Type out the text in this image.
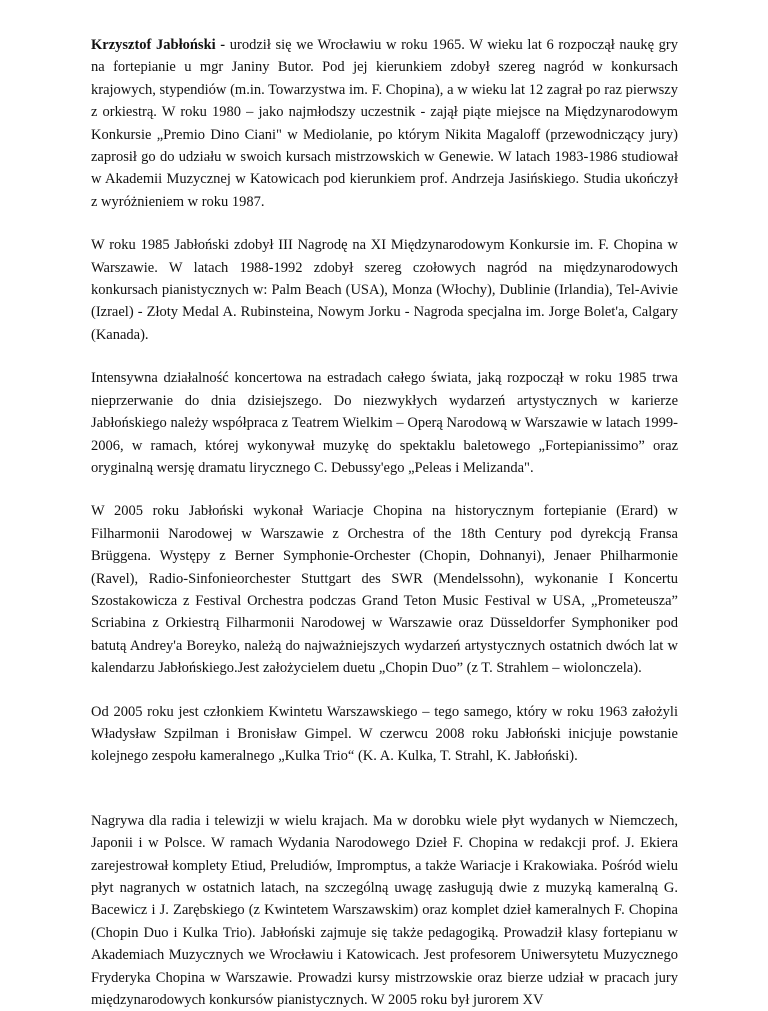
Krzysztof Jabłoński - urodził się we Wrocławiu w roku 1965. W wieku lat 6 rozpoczął naukę gry na fortepianie u mgr Janiny Butor. Pod jej kierunkiem zdobył szereg nagród w konkursach krajowych, stypendiów (m.in. Towarzystwa im. F. Chopina), a w wieku lat 12 zagrał po raz pierwszy z orkiestrą. W roku 1980 – jako najmłodszy uczestnik - zajął piąte miejsce na Międzynarodowym Konkursie „Premio Dino Ciani" w Mediolanie, po którym Nikita Magaloff (przewodniczący jury) zaprosił go do udziału w swoich kursach mistrzowskich w Genewie. W latach 1983-1986 studiował w Akademii Muzycznej w Katowicach pod kierunkiem prof. Andrzeja Jasińskiego. Studia ukończył z wyróżnieniem w roku 1987.

W roku 1985 Jabłoński zdobył III Nagrodę na XI Międzynarodowym Konkursie im. F. Chopina w Warszawie. W latach 1988-1992 zdobył szereg czołowych nagród na międzynarodowych konkursach pianistycznych w: Palm Beach (USA), Monza (Włochy), Dublinie (Irlandia), Tel-Avivie (Izrael) - Złoty Medal A. Rubinsteina, Nowym Jorku - Nagroda specjalna im. Jorge Bolet'a, Calgary (Kanada).

Intensywna działalność koncertowa na estradach całego świata, jaką rozpoczął w roku 1985 trwa nieprzerwanie do dnia dzisiejszego. Do niezwykłych wydarzeń artystycznych w karierze Jabłońskiego należy współpraca z Teatrem Wielkim – Operą Narodową w Warszawie w latach 1999-2006, w ramach, której wykonywał muzykę do spektaklu baletowego „Fortepianissimo” oraz oryginalną wersję dramatu lirycznego C. Debussy'ego „Peleas i Melizanda".

W 2005 roku Jabłoński wykonał Wariacje Chopina na historycznym fortepianie (Erard) w Filharmonii Narodowej w Warszawie z Orchestra of the 18th Century pod dyrekcją Fransa Brüggena. Występy z Berner Symphonie-Orchester (Chopin, Dohnanyi), Jenaer Philharmonie (Ravel), Radio-Sinfonieorchester Stuttgart des SWR (Mendelssohn), wykonanie I Koncertu Szostakowicza z Festival Orchestra podczas Grand Teton Music Festival w USA, „Prometeusza” Scriabina z Orkiestrą Filharmonii Narodowej w Warszawie oraz Düsseldorfer Symphoniker pod batutą Andrey'a Boreyko, należą do najważniejszych wydarzeń artystycznych ostatnich dwóch lat w kalendarzu Jabłońskiego.Jest założycielem duetu „Chopin Duo” (z T. Strahlem – wiolonczela).

Od 2005 roku jest członkiem Kwintetu Warszawskiego – tego samego, który w roku 1963 założyli Władysław Szpilman i Bronisław Gimpel. W czerwcu 2008 roku Jabłoński inicjuje powstanie kolejnego zespołu kameralnego „Kulka Trio“ (K. A. Kulka, T. Strahl, K. Jabłoński).

Nagrywa dla radia i telewizji w wielu krajach. Ma w dorobku wiele płyt wydanych w Niemczech, Japonii i w Polsce. W ramach Wydania Narodowego Dzieł F. Chopina w redakcji prof. J. Ekiera zarejestrował komplety Etiud, Preludiów, Impromptus, a także Wariacje i Krakowiaka. Pośród wielu płyt nagranych w ostatnich latach, na szczególną uwagę zasługują dwie z muzyką kameralną G. Bacewicz i J. Zarębskiego (z Kwintetem Warszawskim) oraz komplet dzieł kameralnych F. Chopina (Chopin Duo i Kulka Trio). Jabłoński zajmuje się także pedagogiką. Prowadził klasy fortepianu w Akademiach Muzycznych we Wrocławiu i Katowicach. Jest profesorem Uniwersytetu Muzycznego Fryderyka Chopina w Warszawie. Prowadzi kursy mistrzowskie oraz bierze udział w pracach jury międzynarodowych konkursów pianistycznych. W 2005 roku był jurorem XV
